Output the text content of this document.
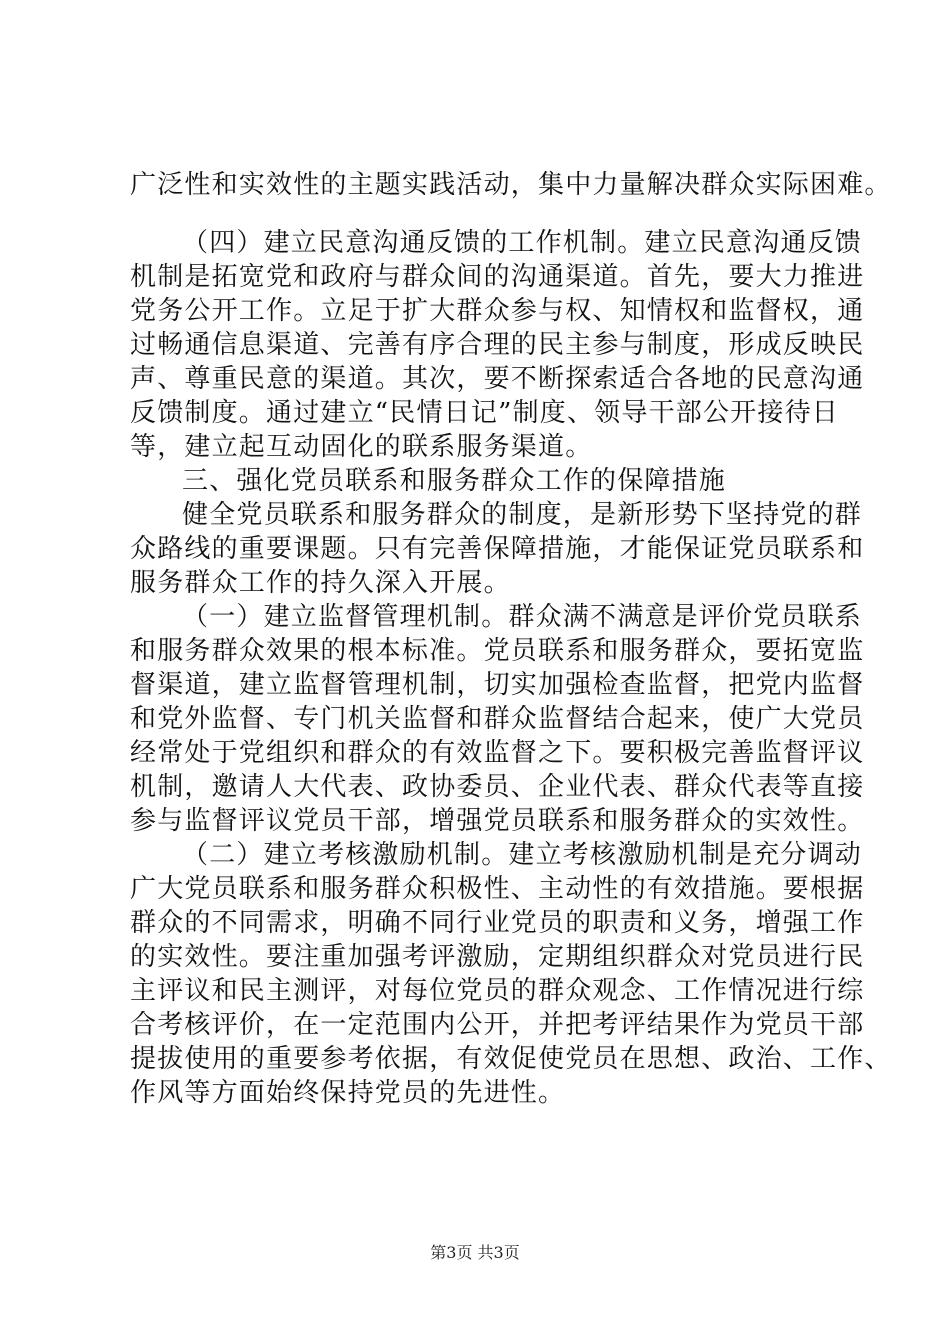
广泛性和实效性的主题实践活动，集中力量解决群众实际困难。
（四）建立民意沟通反馈的工作机制。建立民意沟通反馈
机制是拓宽党和政府与群众间的沟通渠道。首先，要大力推进
党务公开工作。立足于扩大群众参与权、知情权和监督权，通
过畅通信息渠道、完善有序合理的民主参与制度，形成反映民
声、尊重民意的渠道。其次，要不断探索适合各地的民意沟通
反馈制度。通过建立“民情日记”制度、领导干部公开接待日
等，建立起互动固化的联系服务渠道。
三、强化党员联系和服务群众工作的保障措施
健全党员联系和服务群众的制度，是新形势下坚持党的群
众路线的重要课题。只有完善保障措施，才能保证党员联系和
服务群众工作的持久深入开展。
（一）建立监督管理机制。群众满不满意是评价党员联系
和服务群众效果的根本标准。党员联系和服务群众，要拓宽监
督渠道，建立监督管理机制，切实加强检查监督，把党内监督
和党外监督、专门机关监督和群众监督结合起来，使广大党员
经常处于党组织和群众的有效监督之下。要积极完善监督评议
机制，邀请人大代表、政协委员、企业代表、群众代表等直接
参与监督评议党员干部，增强党员联系和服务群众的实效性。
（二）建立考核激励机制。建立考核激励机制是充分调动
广大党员联系和服务群众积极性、主动性的有效措施。要根据
群众的不同需求，明确不同行业党员的职责和义务，增强工作
的实效性。要注重加强考评激励，定期组织群众对党员进行民
主评议和民主测评，对每位党员的群众观念、工作情况进行综
合考核评价，在一定范围内公开，并把考评结果作为党员干部
提拔使用的重要参考依据，有效促使党员在思想、政治、工作、
作风等方面始终保持党员的先进性。
第3页 共3页
